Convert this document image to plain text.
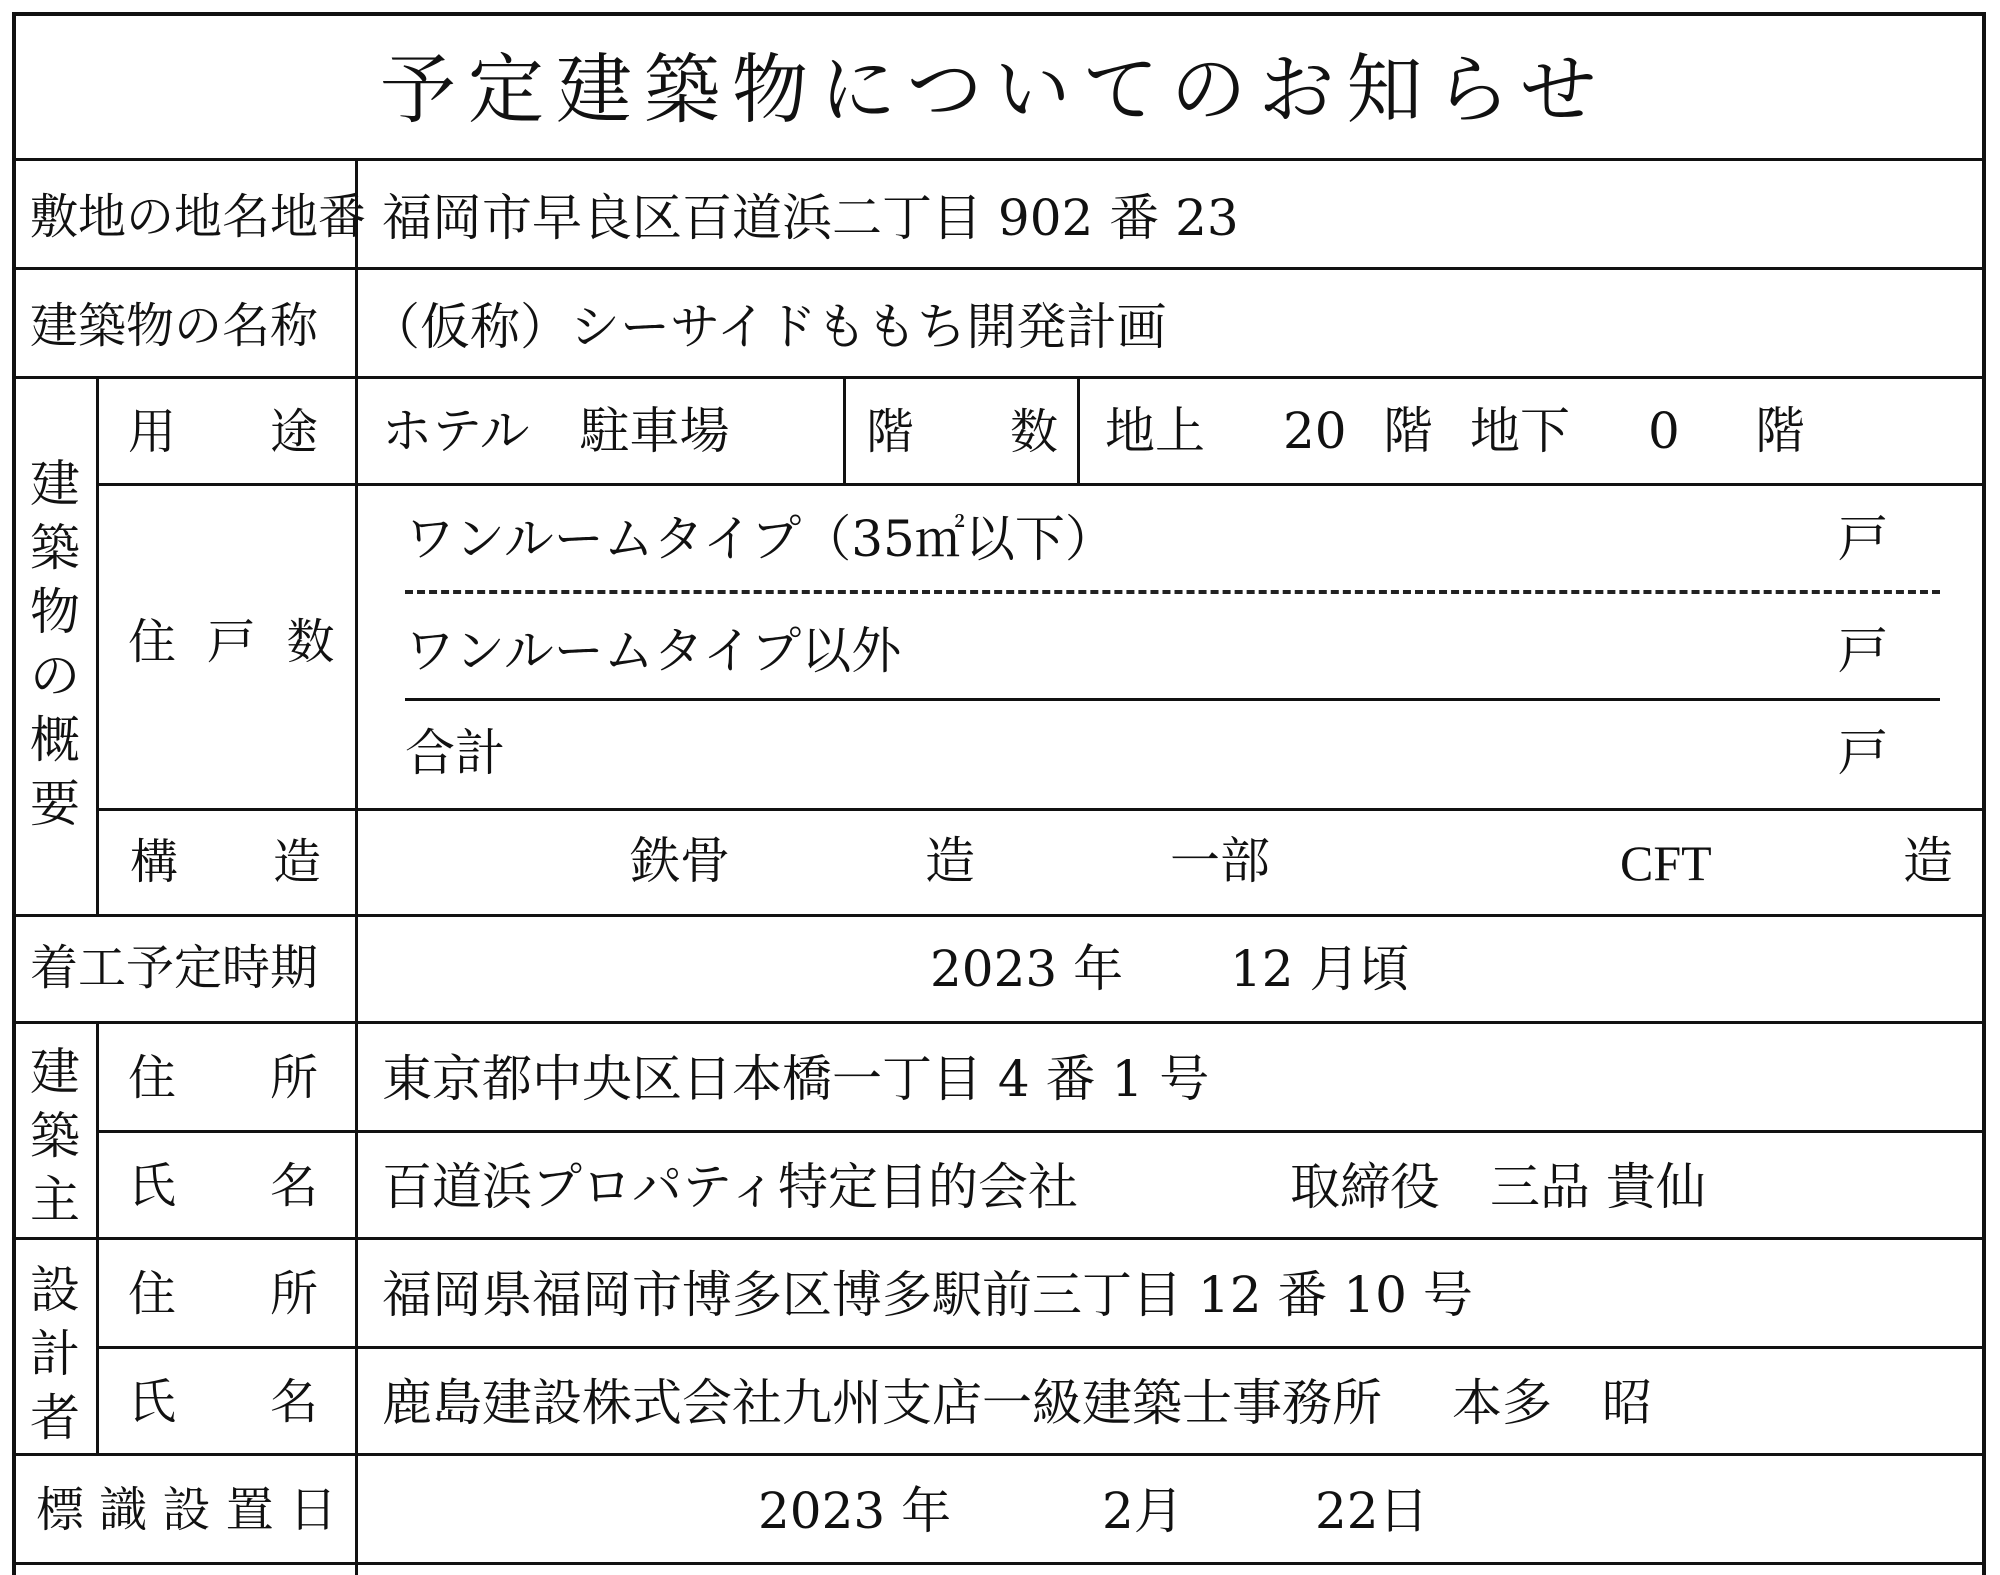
予定建築物についてのお知らせ
敷地の地名地番 福岡市早良区百道浜二丁目 902 番 23
建築物の名称 （仮称）シーサイドももち開発計画
建
築
物
の
概
要
用 途 ホテル　駐車場	階 数 地上 20 階 地下 0 階
住 戸 数
ワンルームタイプ（35㎡以下）	戸
ワンルームタイプ以外	戸
合計	戸
構 造	鉄骨	造	一部	CFT	造
着工予定時期	2023 年 12 月頃
建
築
主
住 所 東京都中央区日本橋一丁目 4 番 1 号
氏 名 百道浜プロパティ特定目的会社	取締役　三品 貴仙
設
計
者
住 所 福岡県福岡市博多区博多駅前三丁目 12 番 10 号
氏 名 鹿島建設株式会社九州支店一級建築士事務所 本多　昭
標 識 設 置 日	2023 年	2月	22日
